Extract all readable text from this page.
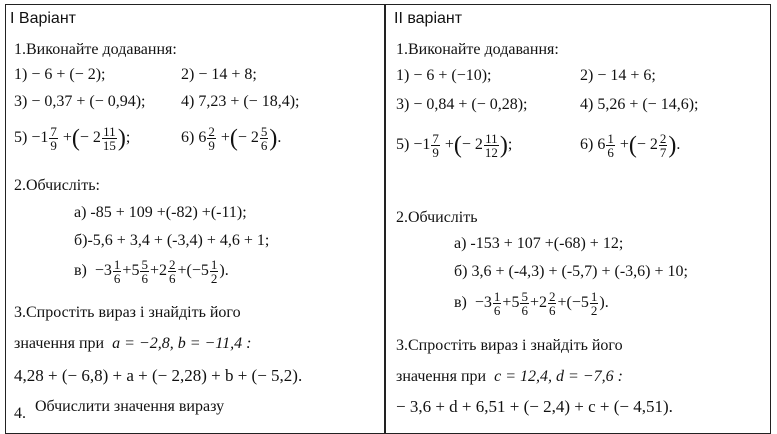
І Варіант
1.Виконайте додавання:
1) − 6 + (− 2);	2) − 14 + 8;
3) − 0,37 + (− 0,94); 4) 7,23 + (− 18,4);
$5) -1 \frac{7}{9}$ +(− $2 \frac{11}{15}$ );	6) $6 \frac{2}{9}$ +(− $2 \frac{5}{6}$ ).
2.Обчисліть:
а) -85 + 109 +(-82) +(-11);
б)-5,6 + 3,4 + (-3,4) + 4,6 + 1;
$в) -3 \frac{1}{6} +5 \frac{5}{6} +2 \frac{2}{6} +(-5 \frac{1}{2}$ ).
3.Спростіть вираз і знайдіть його
значення при a = −2,8, b = −11,4 :
4,28 + (− 6,8) + a + (− 2,28) + b + (− 5,2).
4. Обчислити значення виразу
ІІ варіант
1.Виконайте додавання:
1) − 6 + (−10);	2) − 14 + 6;
3) − 0,84 + (− 0,28);	4) 5,26 + (− 14,6);
$5) -1 \frac{7}{9}$ +(− $2 \frac{11}{12}$ );	6) $6 \frac{1}{6}$ +(− $2 \frac{2}{7}$ ).
2.Обчисліть
а) -153 + 107 +(-68) + 12;
б) 3,6 + (-4,3) + (-5,7) + (-3,6) + 10;
$в) -3 \frac{1}{6} +5 \frac{5}{6} +2 \frac{2}{6} +(-5 \frac{1}{2}$ ).
3.Спростіть вираз і знайдіть його
значення при c = 12,4, d = −7,6 :
− 3,6 + d + 6,51 + (− 2,4) + c + (− 4,51).
